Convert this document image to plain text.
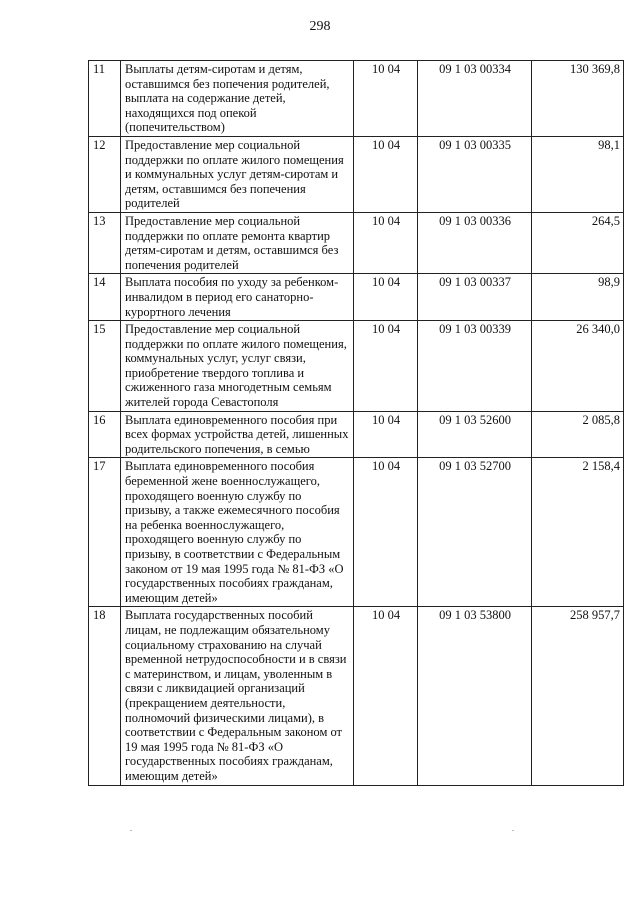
298
11	Выплаты детям-сиротам и детям, оставшимся без попечения родителей, выплата на содержание детей, находящихся под опекой (попечительством)	10 04	09 1 03 00334	130 369,8
12	Предоставление мер социальной поддержки по оплате жилого помещения и коммунальных услуг детям-сиротам и детям, оставшимся без попечения родителей	10 04	09 1 03 00335	98,1
13	Предоставление мер социальной поддержки по оплате ремонта квартир детям-сиротам и детям, оставшимся без попечения родителей	10 04	09 1 03 00336	264,5
14	Выплата пособия по уходу за ребенком-инвалидом в период его санаторно-курортного лечения	10 04	09 1 03 00337	98,9
15	Предоставление мер социальной поддержки по оплате жилого помещения, коммунальных услуг, услуг связи, приобретение твердого топлива и сжиженного газа многодетным семьям жителей города Севастополя	10 04	09 1 03 00339	26 340,0
16	Выплата единовременного пособия при всех формах устройства детей, лишенных родительского попечения, в семью	10 04	09 1 03 52600	2 085,8
17	Выплата единовременного пособия беременной жене военнослужащего, проходящего военную службу по призыву, а также ежемесячного пособия на ребенка военнослужащего, проходящего военную службу по призыву, в соответствии с Федеральным законом от 19 мая 1995 года № 81-ФЗ «О государственных пособиях гражданам, имеющим детей»	10 04	09 1 03 52700	2 158,4
18	Выплата государственных пособий лицам, не подлежащим обязательному социальному страхованию на случай временной нетрудоспособности и в связи с материнством, и лицам, уволенным в связи с ликвидацией организаций (прекращением деятельности, полномочий физическими лицами), в соответствии с Федеральным законом от 19 мая 1995 года № 81-ФЗ «О государственных пособиях гражданам, имеющим детей»	10 04	09 1 03 53800	258 957,7
